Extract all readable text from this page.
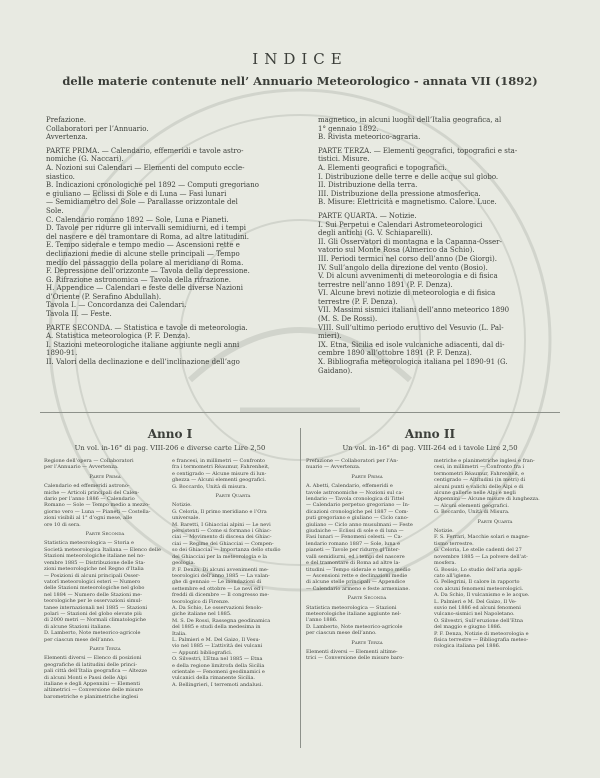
INDICE
delle materie contenute nell’ Annuario Meteorologico - annata VII (1892)
Prefazione.
Collaboratori per l’Annuario.
Avvertenza.
PARTE PRIMA. — Calendario, effemeridi e tavole astro-
nomiche (G. Naccari).
A. Nozioni sui Calendari — Elementi del computo eccle-
siastico.
B. Indicazioni cronologiche pel 1892 — Computi gregoriano
e giuliano — Eclissi di Sole e di Luna — Fasi lunari
— Semidiametro del Sole — Parallasse orizzontale del
Sole.
C. Calendario romano 1892 — Sole, Luna e Pianeti.
D. Tavole per ridurre gli intervalli semidiurni, ed i tempi
del nascere e del tramontare di Roma, ad altre latitudini.
E. Tempo siderale e tempo medio — Ascensioni rette e
declinazioni medie di alcune stelle principali — Tempo
medio del passaggio della polare al meridiano di Roma.
F. Depressione dell’orizzonte — Tavola della depressione.
G. Rifrazione astronomica — Tavola della rifrazione.
H. Appendice — Calendari e feste delle diverse Nazioni
d’Oriente (P. Serafino Abdullah).
Tavola I. — Concordanza dei Calendari.
Tavola II. — Feste.
PARTE SECONDA. — Statistica e tavole di meteorologia.
A. Statistica meteorologica (P. F. Denza).
I. Stazioni meteorologiche italiane aggiunte negli anni
1890-91.
II. Valori della declinazione e dell’inclinazione dell’ago
magnetico, in alcuni luoghi dell’Italia geografica, al
1° gennaio 1892.
B. Rivista meteorico-agraria.
PARTE TERZA. — Elementi geografici, topografici e sta-
tistici. Misure.
A. Elementi geografici e topografici.
I. Distribuzione delle terre e delle acque sul globo.
II. Distribuzione della terra.
III. Distribuzione della pressione atmosferica.
B. Misure: Elettricità e magnetismo. Calore. Luce.
PARTE QUARTA. — Notizie.
I. Sui Perpetui e Calendari Astrometeorologici
degli antichi (G. V. Schiaparelli).
II. Gli Osservatori di montagna e la Capanna-Osser-
vatorio sul Monte Rosa (Almerico da Schio).
III. Periodi termici nel corso dell’anno (De Giorgi).
IV. Sull’angolo della direzione del vento (Bosio).
V. Di alcuni avvenimenti di meteorologia e di fisica
terrestre nell’anno 1891 (P. F. Denza).
VI. Alcune brevi notizie di meteorologia e di fisica
terrestre (P. F. Denza).
VII. Massimi sismici italiani dell’anno meteorico 1890
(M. S. De Rossi).
VIII. Sull’ultimo periodo eruttivo del Vesuvio (L. Pal-
mieri).
IX. Etna, Sicilia ed isole vulcaniche adiacenti, dal di-
cembre 1890 all’ottobre 1891 (P. F. Denza).
X. Bibliografia meteorologica italiana pel 1890-91 (G.
Gaidano).
Anno I
Un vol. in-16° di pag. VIII-206 e diverse carte Lire 2,50
Anno II
Un vol. in-16° di pag. VIII-264 ed i tavole Lire 2,50
Regione dell’opera — Collaboratori
per l’Annuario — Avvertenza.
Parte Prima
Calendario ed effemeridi astrono-
miche — Articoli principali del Calen-
dario per l’anno 1886 — Calendario
Romano — Sole — Tempo medio a mezzo-
giorno vero — Luna — Pianeti — Costella-
zioni visibili al 1° d’ogni mese, alle
ore 10 di sera.
Parte Seconda
Statistica meteorologica — Storia e
Società meteorologica Italiana — Elenco delle
Stazioni meteorologiche italiane nel no-
vembre 1885 — Distribuzione delle Sta-
zioni meteorologiche nel Regno d’Italia
— Posizioni di alcuni principali Osser-
vatorî meteorologici esteri — Numero
delle Stazioni meteorologiche nel globo
nel 1884 — Numero delle Stazioni me-
teorologiche per le osservazioni simul-
tanee internazionali nel 1885 — Stazioni
polari — Stazioni del globo elevate più
di 2000 metri — Normali climatologiche
di alcune Stazioni italiane.
D. Lamberto, Note meteorico-agricole
per ciascun mese dell’anno.
Parte Terza
Elementi diversi — Elenco di posizioni
geografiche di latitudini delle princi-
pali città dell’Italia geografica — Altezze
di alcuni Monti e Passi delle Alpi
italiane e degli Appennini — Elementi
altimetrici — Conversione delle misure
barometriche e planimetriche inglesi
e francesi, in millimetri — Confronto
fra i termometri Réaumur, Fahrenheit,
e centigrado — Alcune misure di lun-
ghezza — Alcuni elementi geografici.
G. Boccardo, Unità di misura.
Parte Quarta
Notizie.
G. Celoria, Il primo meridiano e l’Ora
universale.
M. Baretti, I Ghiacciai alpini — Le nevi
persistenti — Come si formano i Ghiac-
ciai — Movimento di discesa dei Ghiac-
ciai — Regime dei Ghiacciai — Compen-
so dei Ghiacciai — Importanza dello studio
dei Ghiacciai per la meteorologia e la
geologia.
P. F. Denza, Di alcuni avvenimenti me-
teorologici dell’anno 1885 — La valan-
ghe di gennaio — Le inondazioni di
settembre ed ottobre — Le nevi ed i
freddi di dicembre — Il congresso me-
teorologico di Firenze.
A. Da Schio, Le osservazioni fenolo-
giche italiane nel 1885.
M. S. De Rossi, Rassegna geodinamica
del 1885 e studi della medesima in
Italia.
L. Palmieri e M. Del Gaizo, Il Vesu-
vio nel 1885 — L’attività dei vulcani
— Appunti bibliografici.
O. Silvestri, L’Etna nel 1885 — Etna
e della regione limitrofa della Sicilia
orientale — Fenomeni geodinamici e
vulcanici della rimanente Sicilia.
A. Bellingrieri, I terremoti andalusi.
Prefazione — Collaboratori per l’An-
nuario — Avvertenza.
Parte Prima
A. Abetti, Calendario, effemeridi e
tavole astronomiche — Nozioni sul ca-
lendario — Tavola cronologica di Tittel
— Calendario perpetuo gregoriano — In-
dicazioni cronologiche pel 1887 — Com-
puti gregoriano e giuliano — Ciclo cano-
giuliano — Ciclo anno musulmani — Feste
giudaiche — Eclissi di sole e di luna —
Fasi lunari — Fenomeni celesti. — Ca-
lendario romano 1887 — Sole, luna e
pianeti — Tavole per ridurre gl’inter-
valli semidiurni, ed i tempi del nascere
e del tramontare di Roma ad altre la-
titudini — Tempo siderale e tempo medio
— Ascensioni rette e declinazioni medie
di alcune stelle principali — Appendice
— Calendario armeno e feste armeniane.
Parte Seconda
Statistica meteorologica — Stazioni
meteorologiche italiane aggiunte nel-
l’anno 1886.
D. Lamberto, Note meteorico-agricole
per ciascun mese dell’anno.
Parte Terza
Elementi diversi — Elementi altime-
trici — Conversione delle misure baro-
metriche e planimetriche inglesi e fran-
cesi, in millimetri — Confronto fra i
termometri Réaumur, Fahrenheit, e
centigrado — Altitudini (in metri) di
alcuni punti e valichi delle Alpi e di
alcune gallerie nelle Alpi e negli
Appennini — Alcune misure di lunghezza.
— Alcuni elementi geografici.
G. Boccardo, Unità di Misura.
Parte Quarta
Notizie.
F. S. Ferrari, Macchie solari e magne-
tismo terrestre.
G. Celoria, Le stelle cadenti del 27
novembre 1885 — La polvere dell’at-
mosfera.
G. Bossio, Lo studio dell’aria appli-
cato all’igiene.
G. Pellegrini, Il calore in rapporto
con alcuni fenomeni meteorologici.
A. Da Schio, Il vulcanismo e le acque.
L. Palmieri e M. Del Gaizo, Il Ve-
suvio nel 1886 ed alcuni fenomeni
vulcano-sismici nel Napoletano.
O. Silvestri, Sull’eruzione dell’Etna
del maggio e giugno 1886.
P. F. Denza, Notizie di meteorologia e
fisica terrestre — Bibliografia meteo-
rologica italiana pel 1886.
